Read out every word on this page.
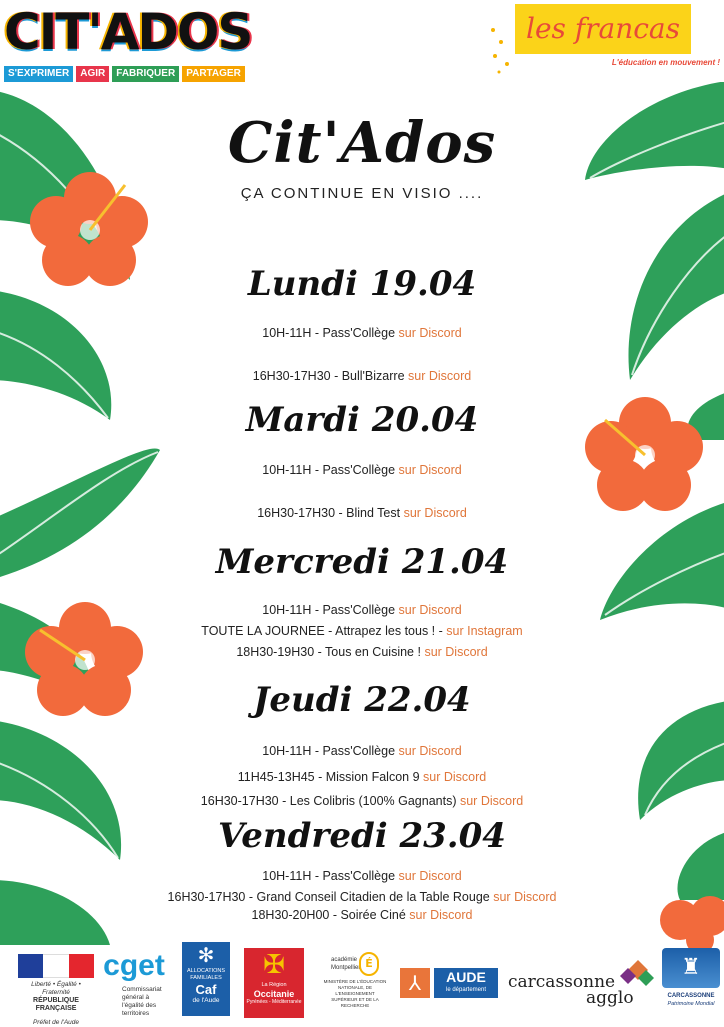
CIT'ADOS
S'EXPRIMER	AGIR	FABRIQUER	PARTAGER
les francas
L'éducation en mouvement !
Cit'Ados
ÇA CONTINUE EN VISIO ....
Lundi 19.04
10H-11H - Pass'Collège sur Discord
16H30-17H30 - Bull'Bizarre sur Discord
Mardi 20.04
10H-11H - Pass'Collège sur Discord
16H30-17H30 - Blind Test sur Discord
Mercredi 21.04
10H-11H - Pass'Collège sur Discord
TOUTE LA JOURNEE - Attrapez les tous ! - sur Instagram
18H30-19H30 - Tous en Cuisine ! sur Discord
Jeudi 22.04
10H-11H - Pass'Collège sur Discord
11H45-13H45 - Mission Falcon 9 sur Discord
16H30-17H30 - Les Colibris (100% Gagnants) sur Discord
Vendredi 23.04
10H-11H - Pass'Collège sur Discord
16H30-17H30 - Grand Conseil Citadien de la Table Rouge sur Discord
18H30-20H00 - Soirée Ciné sur Discord
Liberté • Égalité • Fraternité
RÉPUBLIQUE FRANÇAISE
Préfet de l'Aude
cget
Commissariat général à l'égalité des territoires
✻
ALLOCATIONS FAMILIALES
Caf
de l'Aude
✠
La Région
Occitanie
Pyrénées - Méditerranée
académie Montpellier É
MINISTÈRE DE L'ÉDUCATION NATIONALE, DE L'ENSEIGNEMENT SUPÉRIEUR ET DE LA RECHERCHE
⅄	AUDE
le département	carcassonne
agglo
♜
CARCASSONNE
Patrimoine Mondial
